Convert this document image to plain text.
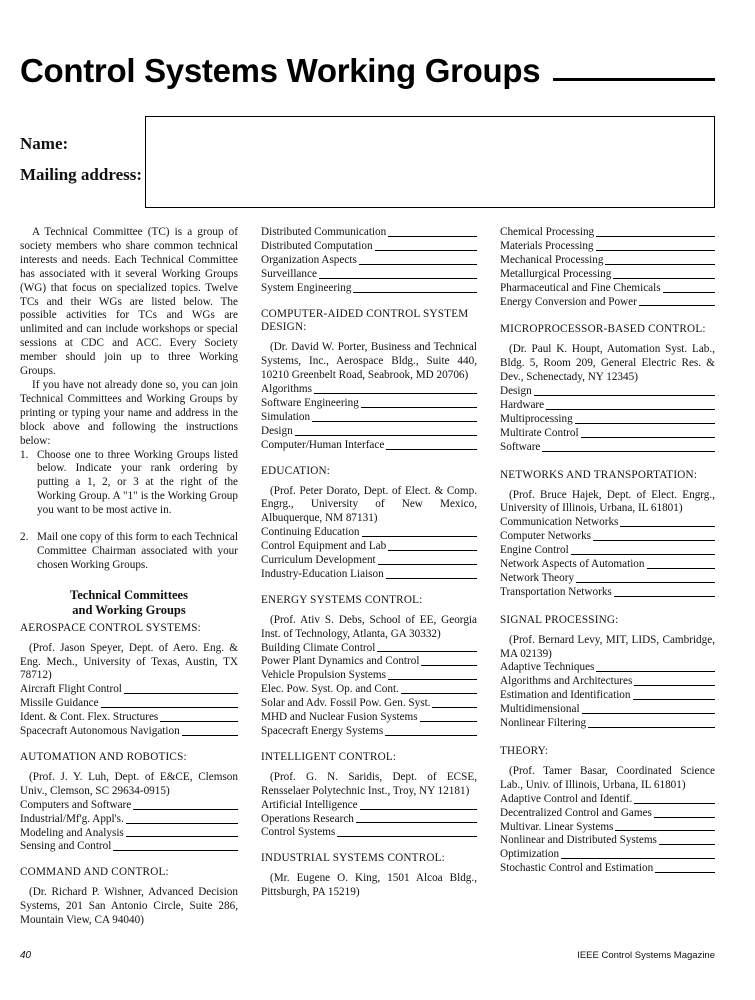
Control Systems Working Groups
Name:
Mailing address:

A Technical Committee (TC) is a group of society members who share common technical interests and needs. Each Technical Committee has associated with it several Working Groups (WG) that focus on specialized topics. Twelve TCs and their WGs are listed below. The possible activities for TCs and WGs are unlimited and can include workshops or special sessions at CDC and ACC. Every Society member should join up to three Working Groups.

If you have not already done so, you can join Technical Committees and Working Groups by printing or typing your name and address in the block above and following the instructions below:

1. Choose one to three Working Groups listed below. Indicate your rank ordering by putting a 1, 2, or 3 at the right of the Working Group. A "1" is the Working Group you want to be most active in.
2. Mail one copy of this form to each Technical Committee Chairman associated with your chosen Working Groups.
Technical Committees
and Working Groups
AEROSPACE CONTROL SYSTEMS:

(Prof. Jason Speyer, Dept. of Aero. Eng. & Eng. Mech., University of Texas, Austin, TX 78712)

Aircraft Flight Control
Missile Guidance
Ident. & Cont. Flex. Structures
Spacecraft Autonomous Navigation
AUTOMATION AND ROBOTICS:

(Prof. J. Y. Luh, Dept. of E&CE, Clemson Univ., Clemson, SC 29634-0915)

Computers and Software
Industrial/Mf'g. Appl's.
Modeling and Analysis
Sensing and Control
COMMAND AND CONTROL:

(Dr. Richard P. Wishner, Advanced Decision Systems, 201 San Antonio Circle, Suite 286, Mountain View, CA 94040)

Distributed Communication
Distributed Computation
Organization Aspects
Surveillance
System Engineering
COMPUTER-AIDED CONTROL SYSTEM DESIGN:

(Dr. David W. Porter, Business and Technical Systems, Inc., Aerospace Bldg., Suite 440, 10210 Greenbelt Road, Seabrook, MD 20706)

Algorithms
Software Engineering
Simulation
Design
Computer/Human Interface
EDUCATION:

(Prof. Peter Dorato, Dept. of Elect. & Comp. Engrg., University of New Mexico, Albuquerque, NM 87131)

Continuing Education
Control Equipment and Lab
Curriculum Development
Industry-Education Liaison
ENERGY SYSTEMS CONTROL:

(Prof. Ativ S. Debs, School of EE, Georgia Inst. of Technology, Atlanta, GA 30332)

Building Climate Control
Power Plant Dynamics and Control
Vehicle Propulsion Systems
Elec. Pow. Syst. Op. and Cont.
Solar and Adv. Fossil Pow. Gen. Syst.
MHD and Nuclear Fusion Systems
Spacecraft Energy Systems
INTELLIGENT CONTROL:

(Prof. G. N. Saridis, Dept. of ECSE, Rensselaer Polytechnic Inst., Troy, NY 12181)

Artificial Intelligence
Operations Research
Control Systems
INDUSTRIAL SYSTEMS CONTROL:

(Mr. Eugene O. King, 1501 Alcoa Bldg., Pittsburgh, PA 15219)

Chemical Processing
Materials Processing
Mechanical Processing
Metallurgical Processing
Pharmaceutical and Fine Chemicals
Energy Conversion and Power
MICROPROCESSOR-BASED CONTROL:

(Dr. Paul K. Houpt, Automation Syst. Lab., Bldg. 5, Room 209, General Electric Res. & Dev., Schenectady, NY 12345)

Design
Hardware
Multiprocessing
Multirate Control
Software
NETWORKS AND TRANSPORTATION:

(Prof. Bruce Hajek, Dept. of Elect. Engrg., University of Illinois, Urbana, IL 61801)

Communication Networks
Computer Networks
Engine Control
Network Aspects of Automation
Network Theory
Transportation Networks
SIGNAL PROCESSING:

(Prof. Bernard Levy, MIT, LIDS, Cambridge, MA 02139)

Adaptive Techniques
Algorithms and Architectures
Estimation and Identification
Multidimensional
Nonlinear Filtering
THEORY:

(Prof. Tamer Basar, Coordinated Science Lab., Univ. of Illinois, Urbana, IL 61801)

Adaptive Control and Identif.
Decentralized Control and Games
Multivar. Linear Systems
Nonlinear and Distributed Systems
Optimization
Stochastic Control and Estimation
40	IEEE Control Systems Magazine
